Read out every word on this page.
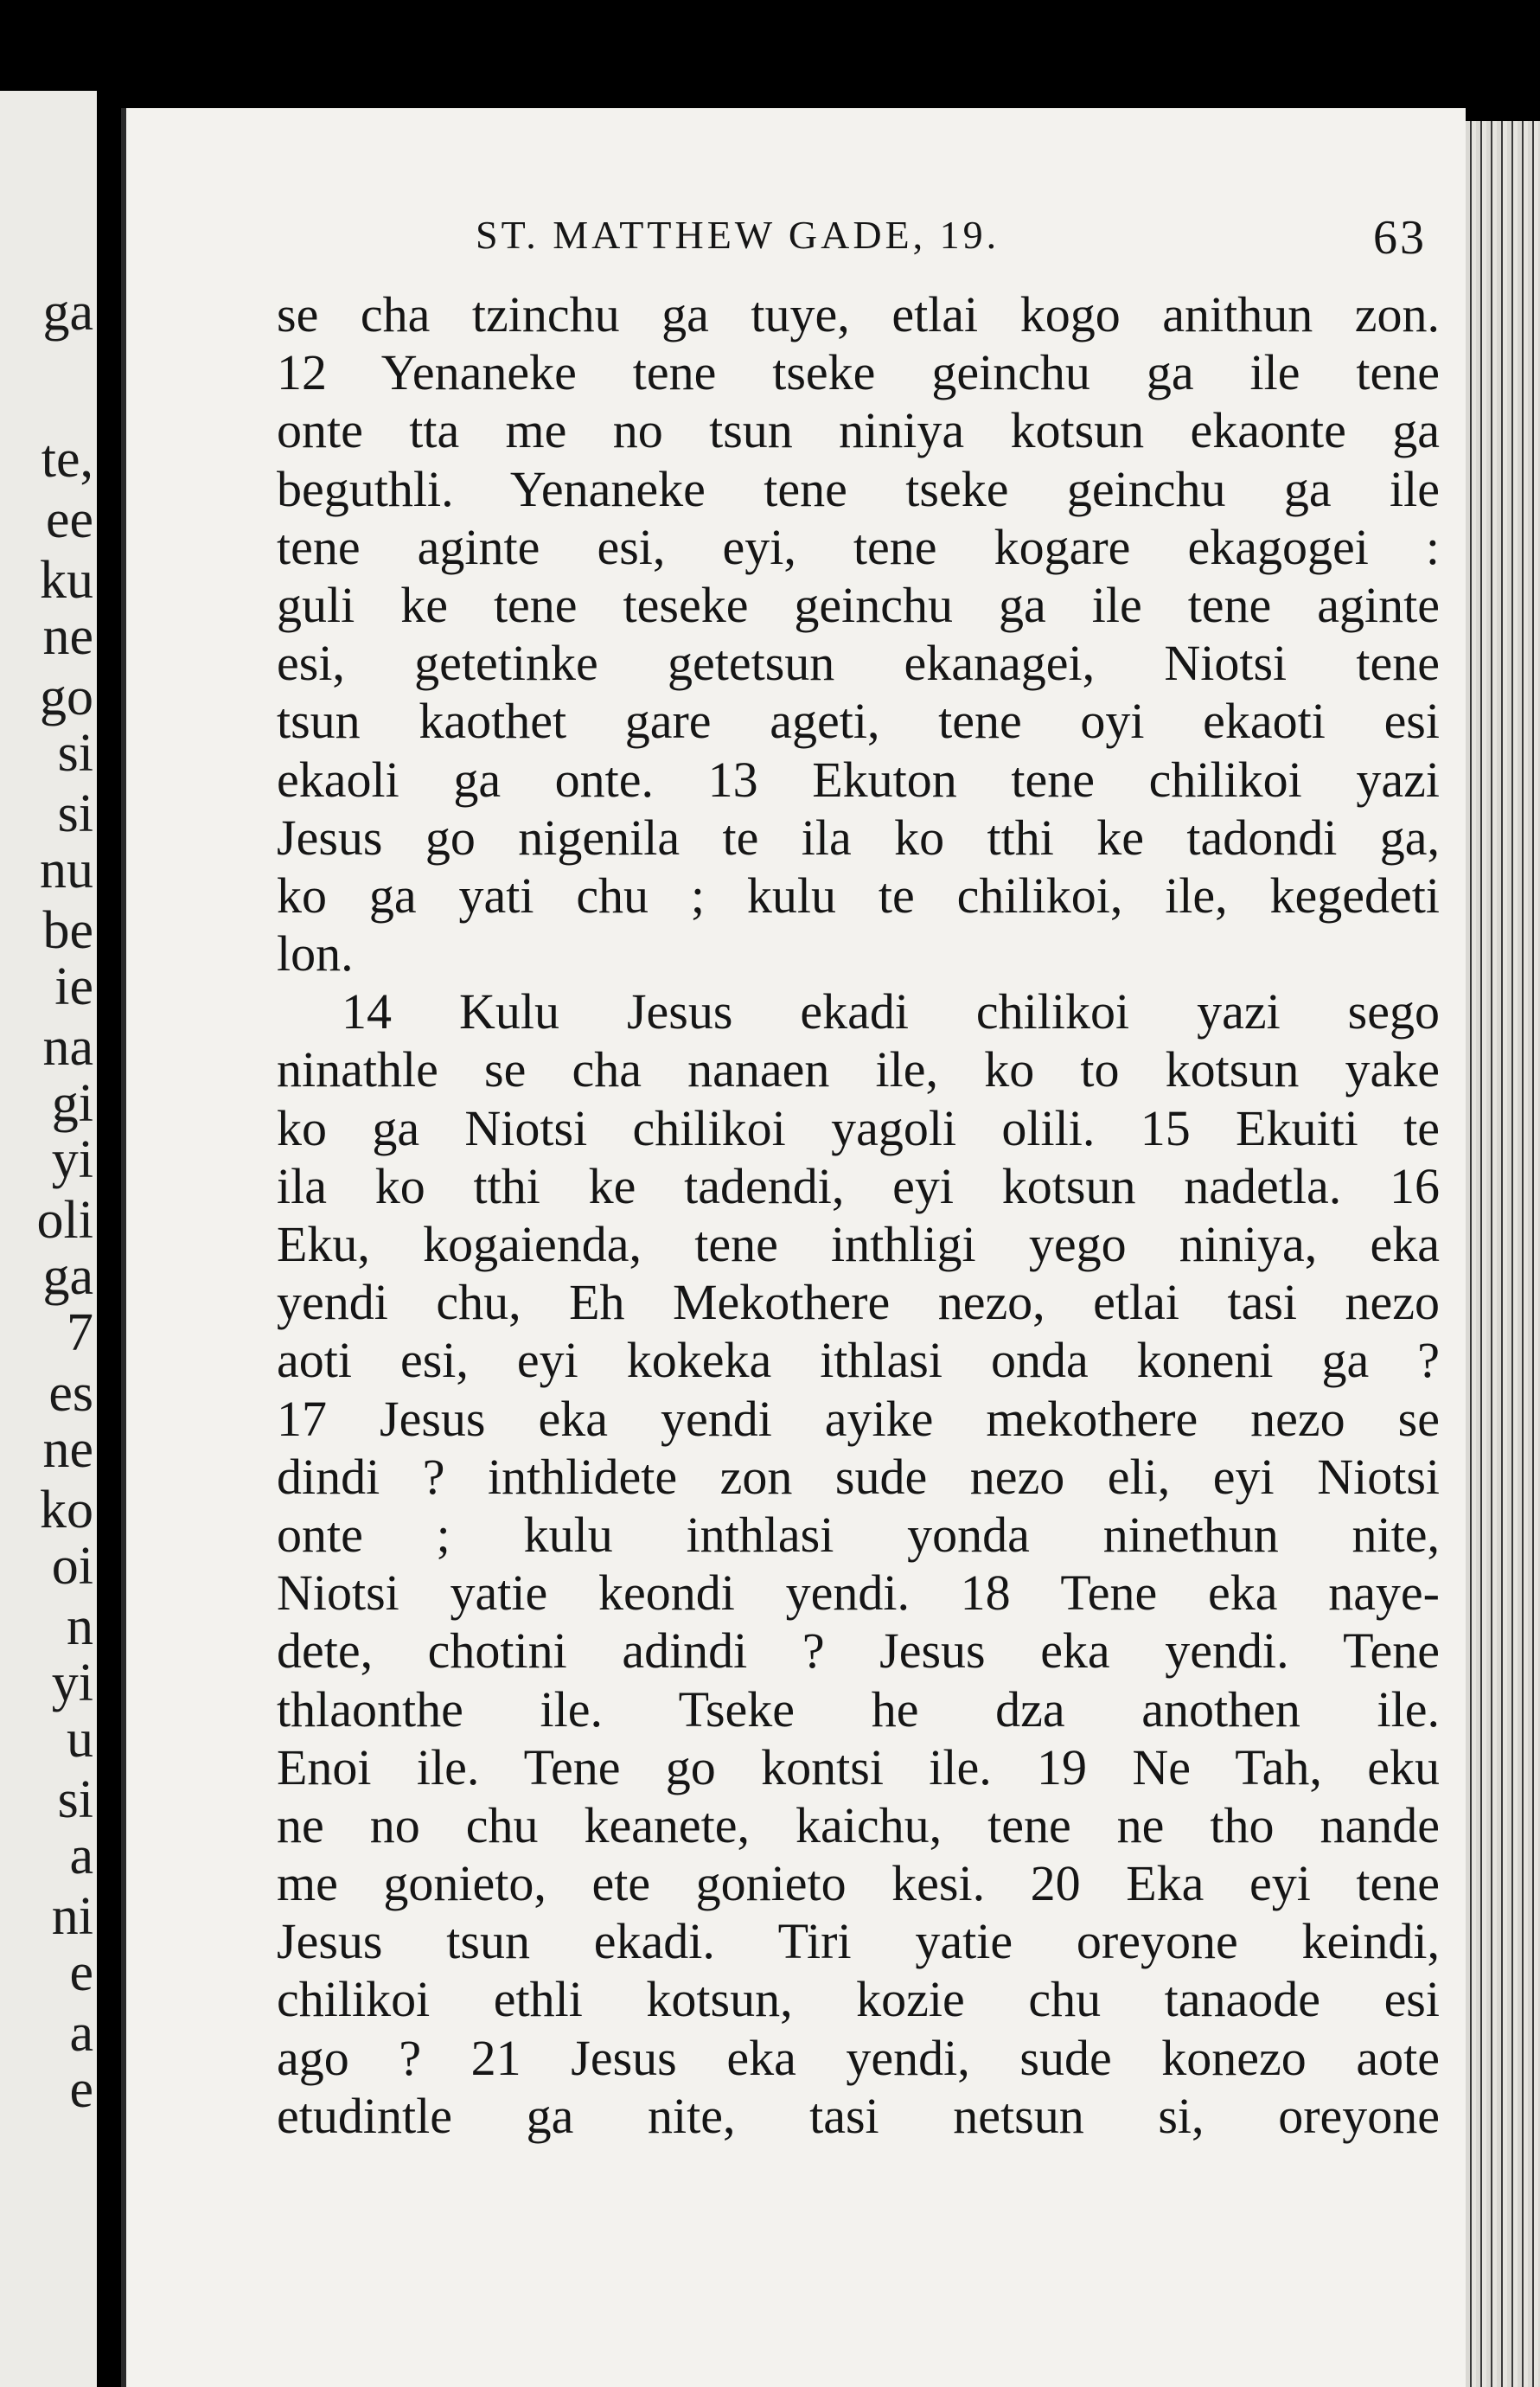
ga
te,
ee
ku
ne
go
si
si
nu
be
ie
na
gi
yi
oli
ga
7
es
ne
ko
oi
n
yi
u
si
a
ni
e
a
e
ST. MATTHEW GADE, 19.	63
se cha tzinchu ga tuye, etlai kogo anithun zon.
12 Yenaneke tene tseke geinchu ga ile tene
onte tta me no tsun niniya kotsun ekaonte ga
beguthli. Yenaneke tene tseke geinchu ga ile
tene aginte esi, eyi, tene kogare ekagogei :
guli ke tene teseke geinchu ga ile tene aginte
esi, getetinke getetsun ekanagei, Niotsi tene
tsun kaothet gare ageti, tene oyi ekaoti esi
ekaoli ga onte. 13 Ekuton tene chilikoi yazi
Jesus go nigenila te ila ko tthi ke tadondi ga,
ko ga yati chu ; kulu te chilikoi, ile, kegedeti
lon.
14 Kulu Jesus ekadi chilikoi yazi sego
ninathle se cha nanaen ile, ko to kotsun yake
ko ga Niotsi chilikoi yagoli olili. 15 Ekuiti te
ila ko tthi ke tadendi, eyi kotsun nadetla. 16
Eku, kogaienda, tene inthligi yego niniya, eka
yendi chu, Eh Mekothere nezo, etlai tasi nezo
aoti esi, eyi kokeka ithlasi onda koneni ga ?
17 Jesus eka yendi ayike mekothere nezo se
dindi ? inthlidete zon sude nezo eli, eyi Niotsi
onte ; kulu inthlasi yonda ninethun nite,
Niotsi yatie keondi yendi. 18 Tene eka naye-
dete, chotini adindi ? Jesus eka yendi. Tene
thlaonthe ile. Tseke he dza anothen ile.
Enoi ile. Tene go kontsi ile. 19 Ne Tah, eku
ne no chu keanete, kaichu, tene ne tho nande
me gonieto, ete gonieto kesi. 20 Eka eyi tene
Jesus tsun ekadi. Tiri yatie oreyone keindi,
chilikoi ethli kotsun, kozie chu tanaode esi
ago ? 21 Jesus eka yendi, sude konezo aote
etudintle ga nite, tasi netsun si, oreyone
